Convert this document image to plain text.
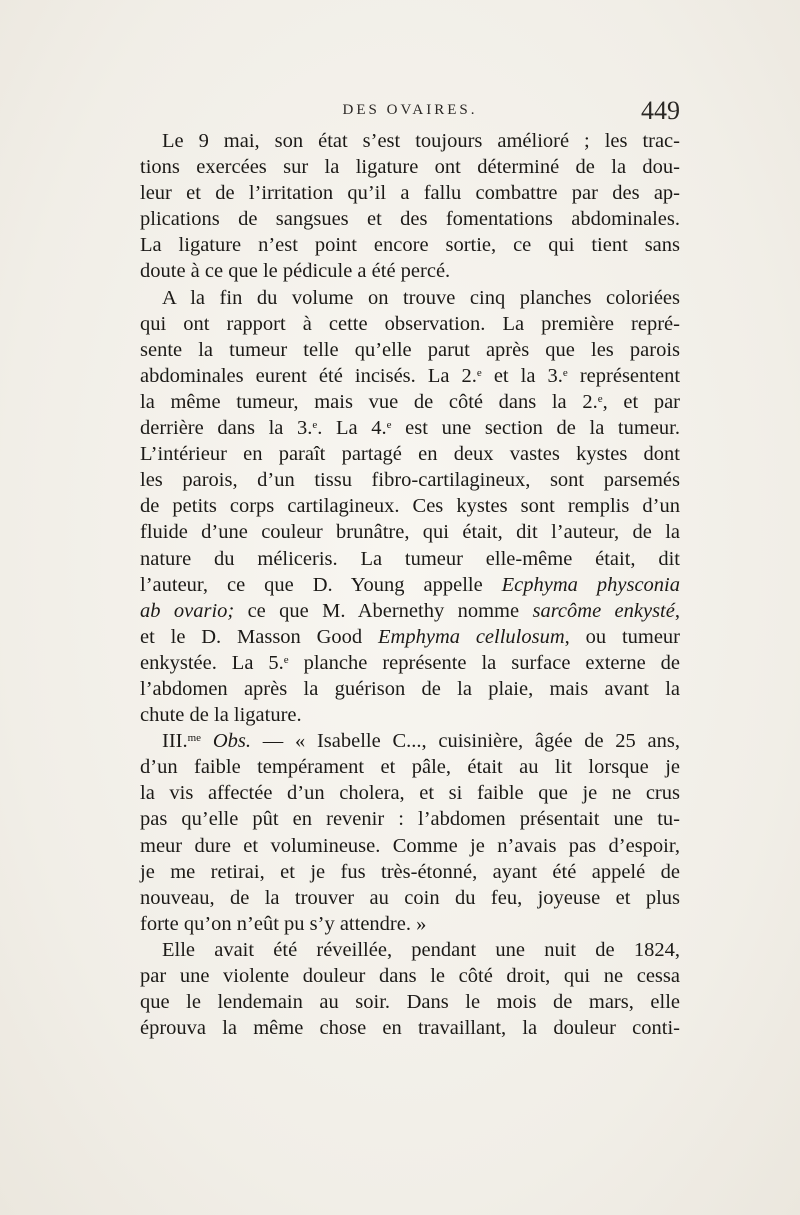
DES OVAIRES.	449
Le 9 mai, son état s’est toujours amélioré ; les trac-
tions exercées sur la ligature ont déterminé de la dou-
leur et de l’irritation qu’il a fallu combattre par des ap-
plications de sangsues et des fomentations abdominales.
La ligature n’est point encore sortie, ce qui tient sans
doute à ce que le pédicule a été percé.
A la fin du volume on trouve cinq planches coloriées
qui ont rapport à cette observation. La première repré-
sente la tumeur telle qu’elle parut après que les parois
abdominales eurent été incisés. La 2.$^e$ et la 3.$^e$ représentent
la même tumeur, mais vue de côté dans la 2.$^e$, et par
derrière dans la 3.$^e$. La 4.$^e$ est une section de la tumeur.
L’intérieur en paraît partagé en deux vastes kystes dont
les parois, d’un tissu fibro-cartilagineux, sont parsemés
de petits corps cartilagineux. Ces kystes sont remplis d’un
fluide d’une couleur brunâtre, qui était, dit l’auteur, de la
nature du méliceris. La tumeur elle-même était, dit
l’auteur, ce que D. Young appelle Ecphyma physconia
ab ovario; ce que M. Abernethy nomme sarcôme enkysté,
et le D. Masson Good Emphyma cellulosum, ou tumeur
enkystée. La 5.$^e$ planche représente la surface externe de
l’abdomen après la guérison de la plaie, mais avant la
chute de la ligature.
III.$^{me}$ Obs. — « Isabelle C..., cuisinière, âgée de 25 ans,
d’un faible tempérament et pâle, était au lit lorsque je
la vis affectée d’un cholera, et si faible que je ne crus
pas qu’elle pût en revenir : l’abdomen présentait une tu-
meur dure et volumineuse. Comme je n’avais pas d’espoir,
je me retirai, et je fus très-étonné, ayant été appelé de
nouveau, de la trouver au coin du feu, joyeuse et plus
forte qu’on n’eût pu s’y attendre. »
Elle avait été réveillée, pendant une nuit de 1824,
par une violente douleur dans le côté droit, qui ne cessa
que le lendemain au soir. Dans le mois de mars, elle
éprouva la même chose en travaillant, la douleur conti-
